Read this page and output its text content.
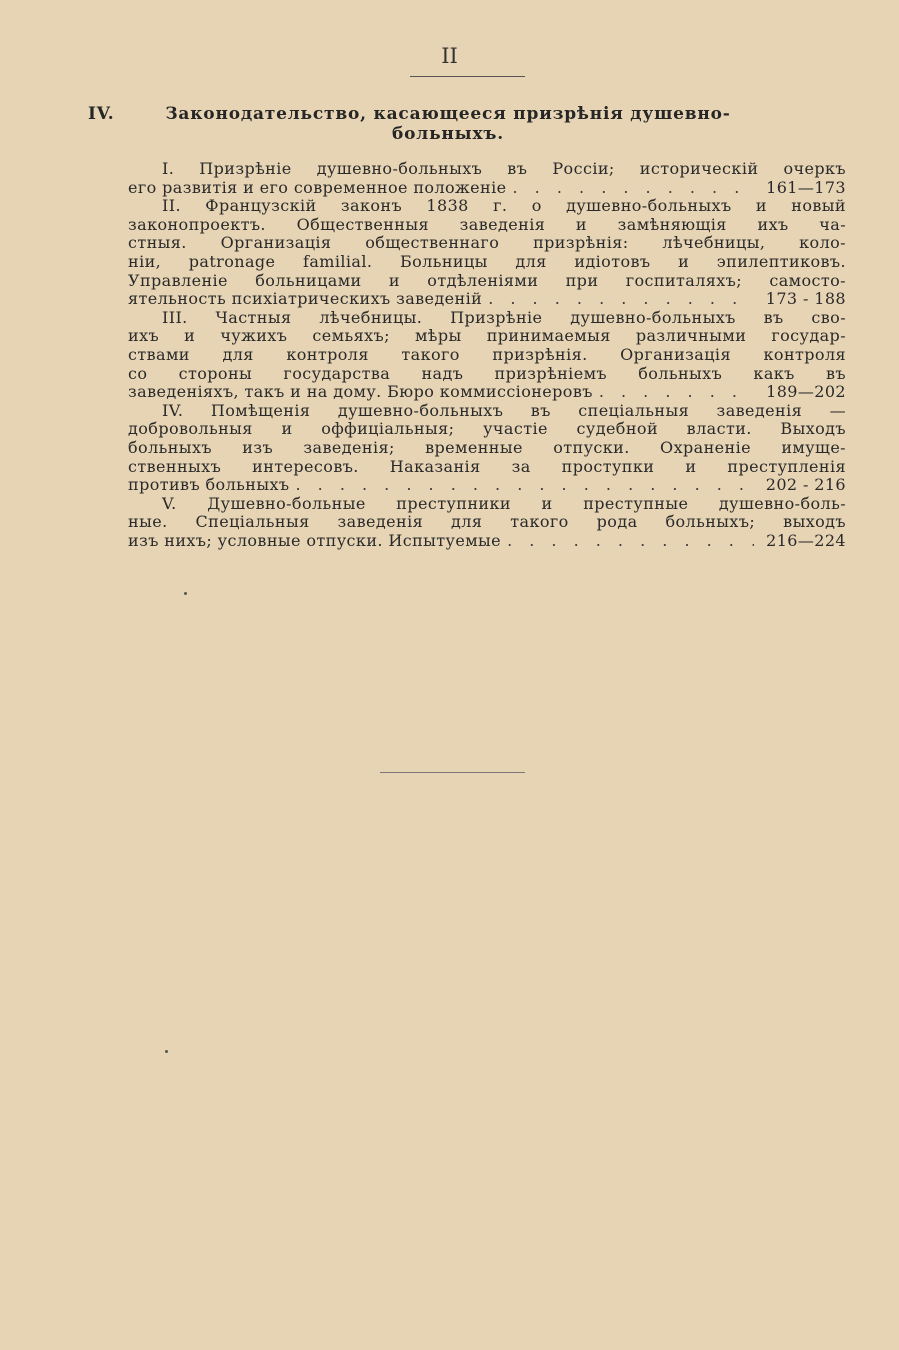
II
IV.	Законодательство, касающееся призрѣнія душевно-больныхъ.
I. Призрѣніе душевно-больныхъ въ Россіи; историческій очеркъ
его развитія и его современное положеніе . . .	161—173
II. Французскій законъ 1838 г. о душевно-больныхъ и новый
законопроектъ. Общественныя заведенія и замѣняющія ихъ ча-
стныя. Организація общественнаго призрѣнія: лѣчебницы, коло-
ніи, patronage familial. Больницы для идіотовъ и эпилептиковъ.
Управленіе больницами и отдѣленіями при госпиталяхъ; самосто-
ятельность психіатрическихъ заведеній . . .	173 - 188
III. Частныя лѣчебницы. Призрѣніе душевно-больныхъ въ сво-
ихъ и чужихъ семьяхъ; мѣры принимаемыя различными государ-
ствами для контроля такого призрѣнія. Организація контроля
со стороны государства надъ призрѣніемъ больныхъ какъ въ
заведеніяхъ, такъ и на дому. Бюро коммиссіонеровъ . . .	189—202
IV. Помѣщенія душевно-больныхъ въ спеціальныя заведенія —
добровольныя и оффиціальныя; участіе судебной власти. Выходъ
больныхъ изъ заведенія; временные отпуски. Охраненіе имуще-
ственныхъ интересовъ. Наказанія за проступки и преступленія
противъ больныхъ . . .	202 - 216
V. Душевно-больные преступники и преступные душевно-боль-
ные. Спеціальныя заведенія для такого рода больныхъ; выходъ
изъ нихъ; условные отпуски. Испытуемые . . .	216—224
